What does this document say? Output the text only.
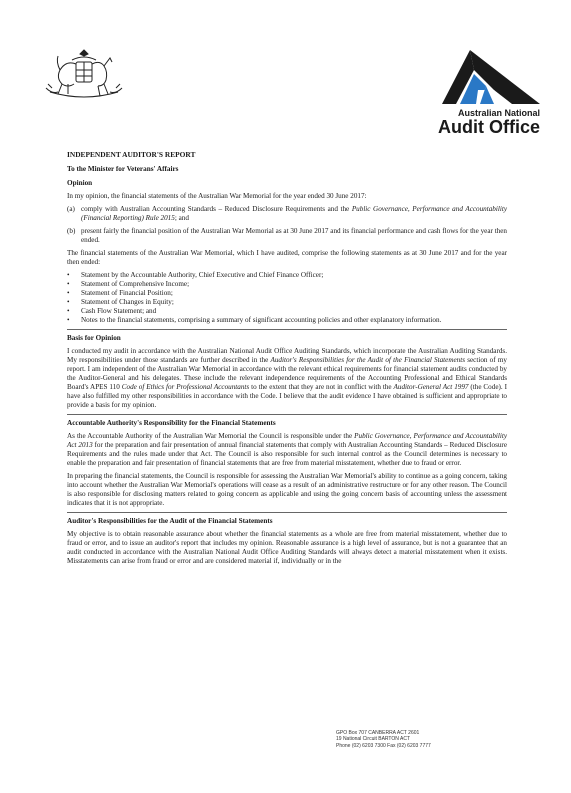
Australian National
Audit Office
INDEPENDENT AUDITOR'S REPORT
To the Minister for Veterans' Affairs
Opinion

In my opinion, the financial statements of the Australian War Memorial for the year ended 30 June 2017:

(a) comply with Australian Accounting Standards – Reduced Disclosure Requirements and the Public Governance, Performance and Accountability (Financial Reporting) Rule 2015; and
(b) present fairly the financial position of the Australian War Memorial as at 30 June 2017 and its financial performance and cash flows for the year then ended.

The financial statements of the Australian War Memorial, which I have audited, comprise the following statements as at 30 June 2017 and for the year then ended:

•	Statement by the Accountable Authority, Chief Executive and Chief Finance Officer;
•	Statement of Comprehensive Income;
•	Statement of Financial Position;
•	Statement of Changes in Equity;
•	Cash Flow Statement; and
•	Notes to the financial statements, comprising a summary of significant accounting policies and other explanatory information.
Basis for Opinion

I conducted my audit in accordance with the Australian National Audit Office Auditing Standards, which incorporate the Australian Auditing Standards. My responsibilities under those standards are further described in the Auditor's Responsibilities for the Audit of the Financial Statements section of my report. I am independent of the Australian War Memorial in accordance with the relevant ethical requirements for financial statement audits conducted by the Auditor-General and his delegates. These include the relevant independence requirements of the Accounting Professional and Ethical Standards Board's APES 110 Code of Ethics for Professional Accountants to the extent that they are not in conflict with the Auditor-General Act 1997 (the Code). I have also fulfilled my other responsibilities in accordance with the Code. I believe that the audit evidence I have obtained is sufficient and appropriate to provide a basis for my opinion.

Accountable Authority's Responsibility for the Financial Statements

As the Accountable Authority of the Australian War Memorial the Council is responsible under the Public Governance, Performance and Accountability Act 2013 for the preparation and fair presentation of annual financial statements that comply with Australian Accounting Standards – Reduced Disclosure Requirements and the rules made under that Act. The Council is also responsible for such internal control as the Council determines is necessary to enable the preparation and fair presentation of financial statements that are free from material misstatement, whether due to fraud or error.

In preparing the financial statements, the Council is responsible for assessing the Australian War Memorial's ability to continue as a going concern, taking into account whether the Australian War Memorial's operations will cease as a result of an administrative restructure or for any other reason. The Council is also responsible for disclosing matters related to going concern as applicable and using the going concern basis of accounting unless the assessment indicates that it is not appropriate.

Auditor's Responsibilities for the Audit of the Financial Statements

My objective is to obtain reasonable assurance about whether the financial statements as a whole are free from material misstatement, whether due to fraud or error, and to issue an auditor's report that includes my opinion. Reasonable assurance is a high level of assurance, but is not a guarantee that an audit conducted in accordance with the Australian National Audit Office Auditing Standards will always detect a material misstatement when it exists. Misstatements can arise from fraud or error and are considered material if, individually or in the

GPO Box 707 CANBERRA ACT 2601
19 National Circuit BARTON ACT
Phone (02) 6203 7300 Fax (02) 6203 7777
